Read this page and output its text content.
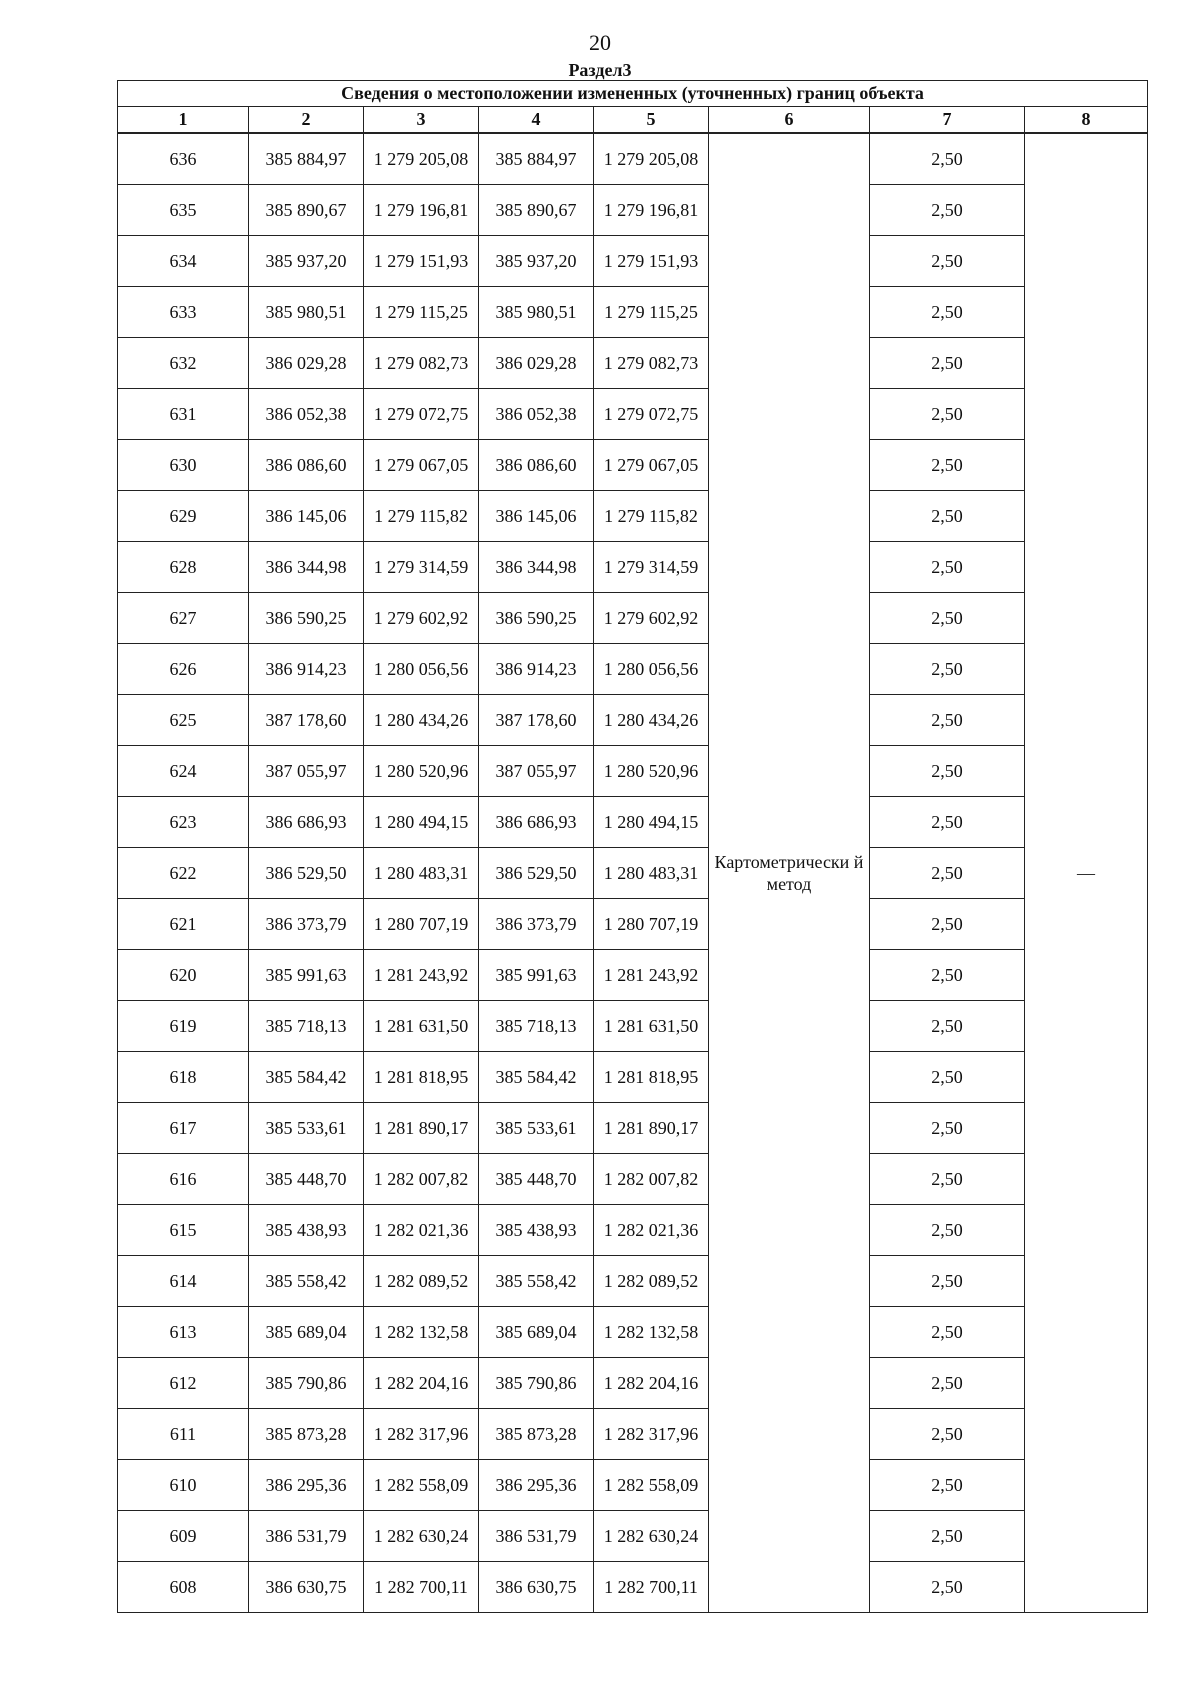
20
Раздел3
Сведения о местоположении измененных (уточненных) границ объекта							
1	2	3	4	5	6	7	8
636	385 884,97	1 279 205,08	385 884,97	1 279 205,08	Картометрически й метод	2,50	—
635	385 890,67	1 279 196,81	385 890,67	1 279 196,81		2,50	
634	385 937,20	1 279 151,93	385 937,20	1 279 151,93		2,50	
633	385 980,51	1 279 115,25	385 980,51	1 279 115,25		2,50	
632	386 029,28	1 279 082,73	386 029,28	1 279 082,73		2,50	
631	386 052,38	1 279 072,75	386 052,38	1 279 072,75		2,50	
630	386 086,60	1 279 067,05	386 086,60	1 279 067,05		2,50	
629	386 145,06	1 279 115,82	386 145,06	1 279 115,82		2,50	
628	386 344,98	1 279 314,59	386 344,98	1 279 314,59		2,50	
627	386 590,25	1 279 602,92	386 590,25	1 279 602,92		2,50	
626	386 914,23	1 280 056,56	386 914,23	1 280 056,56		2,50	
625	387 178,60	1 280 434,26	387 178,60	1 280 434,26		2,50	
624	387 055,97	1 280 520,96	387 055,97	1 280 520,96		2,50	
623	386 686,93	1 280 494,15	386 686,93	1 280 494,15		2,50	
622	386 529,50	1 280 483,31	386 529,50	1 280 483,31		2,50	
621	386 373,79	1 280 707,19	386 373,79	1 280 707,19		2,50	
620	385 991,63	1 281 243,92	385 991,63	1 281 243,92		2,50	
619	385 718,13	1 281 631,50	385 718,13	1 281 631,50		2,50	
618	385 584,42	1 281 818,95	385 584,42	1 281 818,95		2,50	
617	385 533,61	1 281 890,17	385 533,61	1 281 890,17		2,50	
616	385 448,70	1 282 007,82	385 448,70	1 282 007,82		2,50	
615	385 438,93	1 282 021,36	385 438,93	1 282 021,36		2,50	
614	385 558,42	1 282 089,52	385 558,42	1 282 089,52		2,50	
613	385 689,04	1 282 132,58	385 689,04	1 282 132,58		2,50	
612	385 790,86	1 282 204,16	385 790,86	1 282 204,16		2,50	
611	385 873,28	1 282 317,96	385 873,28	1 282 317,96		2,50	
610	386 295,36	1 282 558,09	386 295,36	1 282 558,09		2,50	
609	386 531,79	1 282 630,24	386 531,79	1 282 630,24		2,50	
608	386 630,75	1 282 700,11	386 630,75	1 282 700,11		2,50	
